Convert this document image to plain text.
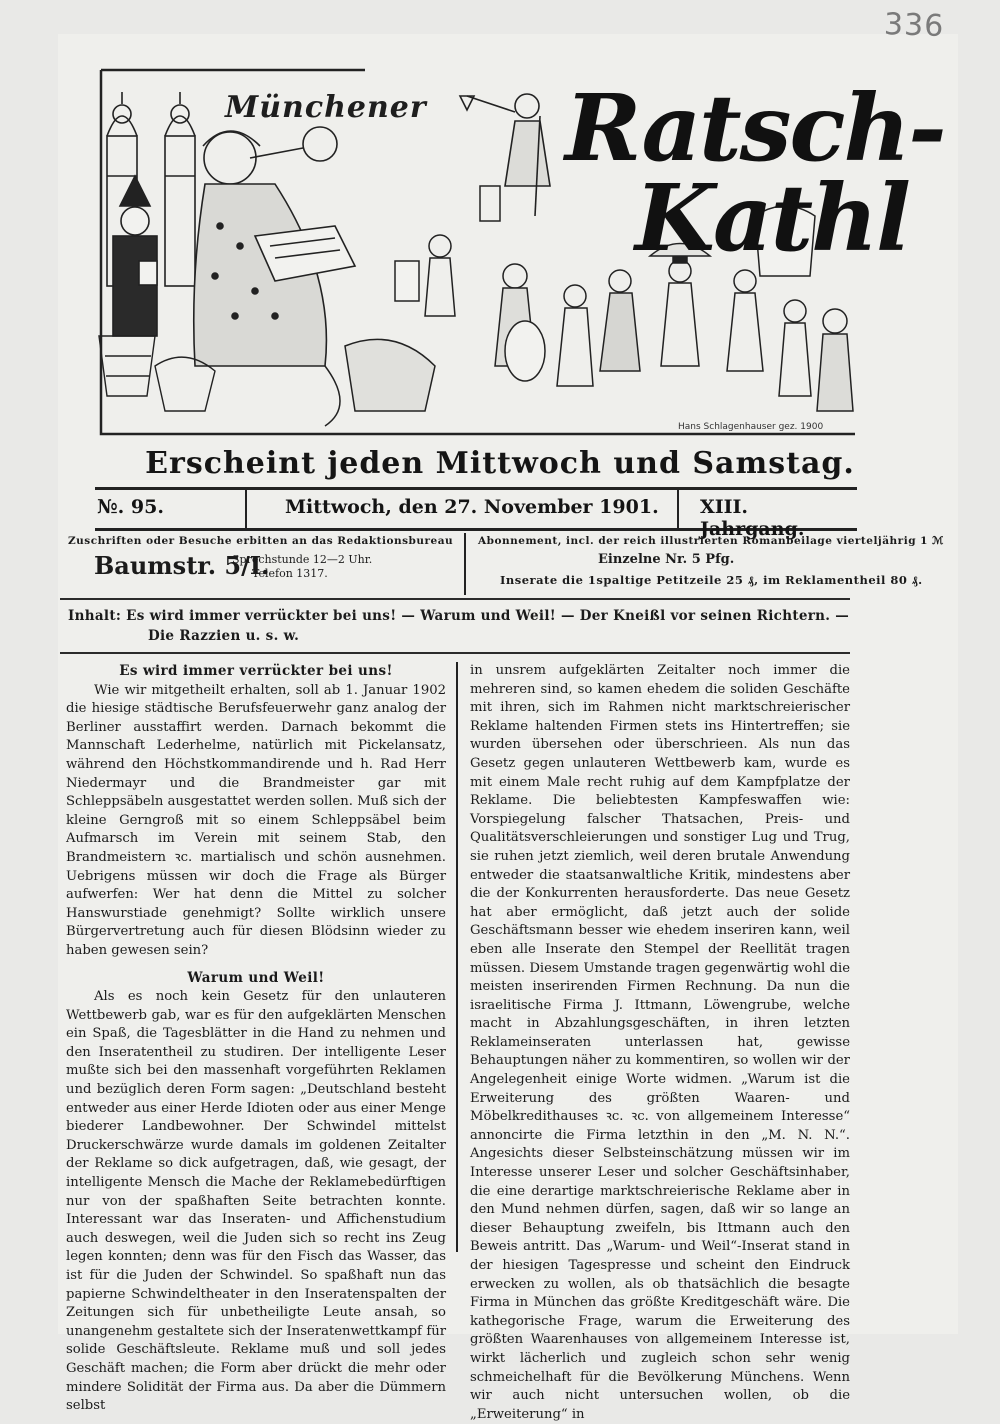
336
Münchener Ratsch-
Kathl
Hans Schlagenhauser gez. 1900
Erscheint jeden Mittwoch und Samstag.
№. 95.	Mittwoch, den 27. November 1901. XIII. Jahrgang.
Zuschriften oder Besuche erbitten an das Redaktionsbureau
Baumstr. 5/I.
Sprechstunde 12—2 Uhr.
Telefon 1317.
Abonnement, incl. der reich illustrierten Romanbeilage vierteljährig 1 ℳ
Einzelne Nr. 5 Pfg.
Inserate die 1spaltige Petitzeile 25 ₰, im Reklamentheil 80 ₰.
Inhalt: Es wird immer verrückter bei uns! — Warum und Weil! — Der Kneißl vor seinen Richtern. —
Die Razzien u. s. w.
Es wird immer verrückter bei uns!

Wie wir mitgetheilt erhalten, soll ab 1. Januar 1902 die hiesige städtische Berufsfeuerwehr ganz analog der Berliner ausstaffirt werden. Darnach bekommt die Mannschaft Lederhelme, natürlich mit Pickelansatz, während den Höchstkommandirende und h. Rad Herr Niedermayr und die Brandmeister gar mit Schleppsäbeln ausgestattet werden sollen. Muß sich der kleine Gerngroß mit so einem Schleppsäbel beim Aufmarsch im Verein mit seinem Stab, den Brandmeistern ꝛc. martialisch und schön ausnehmen. Uebrigens müssen wir doch die Frage als Bürger aufwerfen: Wer hat denn die Mittel zu solcher Hanswurstiade genehmigt? Sollte wirklich unsere Bürgervertretung auch für diesen Blödsinn wieder zu haben gewesen sein?

Warum und Weil!

Als es noch kein Gesetz für den unlauteren Wettbewerb gab, war es für den aufgeklärten Menschen ein Spaß, die Tagesblätter in die Hand zu nehmen und den Inseratentheil zu studiren. Der intelligente Leser mußte sich bei den massenhaft vorgeführten Reklamen und bezüglich deren Form sagen: „Deutschland besteht entweder aus einer Herde Idioten oder aus einer Menge biederer Landbewohner. Der Schwindel mittelst Druckerschwärze wurde damals im goldenen Zeitalter der Reklame so dick aufgetragen, daß, wie gesagt, der intelligente Mensch die Mache der Reklamebedürftigen nur von der spaßhaften Seite betrachten konnte. Interessant war das Inseraten- und Affichenstudium auch deswegen, weil die Juden sich so recht ins Zeug legen konnten; denn was für den Fisch das Wasser, das ist für die Juden der Schwindel. So spaßhaft nun das papierne Schwindeltheater in den Inseratenspalten der Zeitungen sich für unbetheiligte Leute ansah, so unangenehm gestaltete sich der Inseratenwettkampf für solide Geschäftsleute. Reklame muß und soll jedes Geschäft machen; die Form aber drückt die mehr oder mindere Solidität der Firma aus. Da aber die Dümmern selbst

in unsrem aufgeklärten Zeitalter noch immer die mehreren sind, so kamen ehedem die soliden Geschäfte mit ihren, sich im Rahmen nicht marktschreierischer Reklame haltenden Firmen stets ins Hintertreffen; sie wurden übersehen oder überschrieen. Als nun das Gesetz gegen unlauteren Wettbewerb kam, wurde es mit einem Male recht ruhig auf dem Kampfplatze der Reklame. Die beliebtesten Kampfeswaffen wie: Vorspiegelung falscher Thatsachen, Preis- und Qualitätsverschleierungen und sonstiger Lug und Trug, sie ruhen jetzt ziemlich, weil deren brutale Anwendung entweder die staatsanwaltliche Kritik, mindestens aber die der Konkurrenten herausforderte. Das neue Gesetz hat aber ermöglicht, daß jetzt auch der solide Geschäftsmann besser wie ehedem inseriren kann, weil eben alle Inserate den Stempel der Reellität tragen müssen. Diesem Umstande tragen gegenwärtig wohl die meisten inserirenden Firmen Rechnung. Da nun die israelitische Firma J. Ittmann, Löwengrube, welche macht in Abzahlungsgeschäften, in ihren letzten Reklameinseraten unterlassen hat, gewisse Behauptungen näher zu kommentiren, so wollen wir der Angelegenheit einige Worte widmen. „Warum ist die Erweiterung des größten Waaren- und Möbelkredithauses ꝛc. ꝛc. von allgemeinem Interesse“ annoncirte die Firma letzthin in den „M. N. N.“. Angesichts dieser Selbsteinschätzung müssen wir im Interesse unserer Leser und solcher Geschäftsinhaber, die eine derartige marktschreierische Reklame aber in den Mund nehmen dürfen, sagen, daß wir so lange an dieser Behauptung zweifeln, bis Ittmann auch den Beweis antritt. Das „Warum- und Weil“-Inserat stand in der hiesigen Tagespresse und scheint den Eindruck erwecken zu wollen, als ob thatsächlich die besagte Firma in München das größte Kreditgeschäft wäre. Die kathegorische Frage, warum die Erweiterung des größten Waarenhauses von allgemeinem Interesse ist, wirkt lächerlich und zugleich schon sehr wenig schmeichelhaft für die Bevölkerung Münchens. Wenn wir auch nicht untersuchen wollen, ob die „Erweiterung“ in
